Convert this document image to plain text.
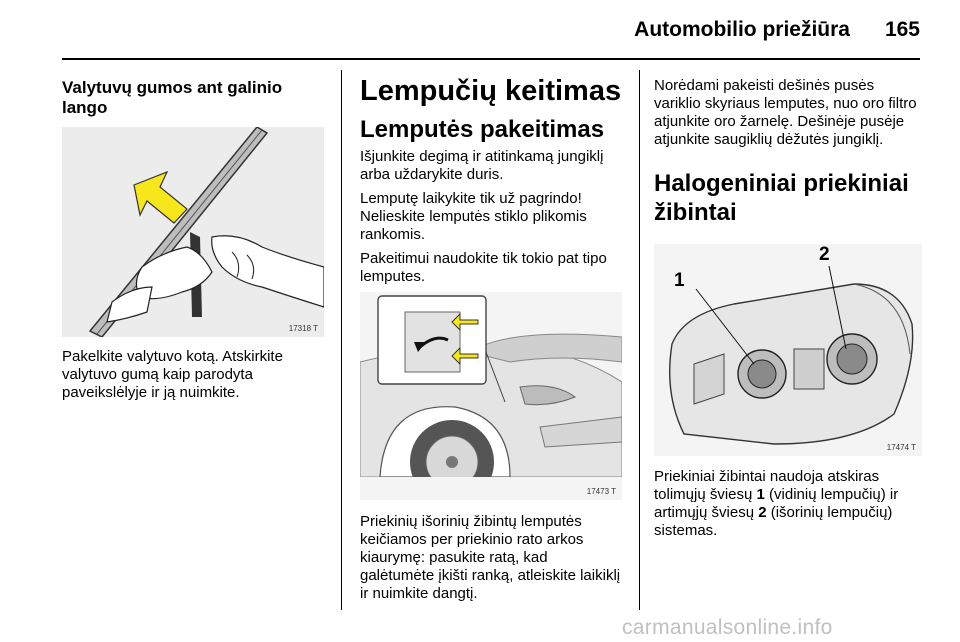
Automobilio priežiūra 165
Valytuvų gumos ant galinio lango
17318 T

Pakelkite valytuvo kotą. Atskirkite valytuvo gumą kaip parodyta paveikslėlyje ir ją nuimkite.

Lempučių keitimas
Lemputės pakeitimas

Išjunkite degimą ir atitinkamą jungiklį arba uždarykite duris.

Lemputę laikykite tik už pagrindo! Nelieskite lemputės stiklo plikomis rankomis.

Pakeitimui naudokite tik tokio pat tipo lemputes.

17473 T

Priekinių išorinių žibintų lemputės keičiamos per priekinio rato arkos kiaurymę: pasukite ratą, kad galėtumėte įkišti ranką, atleiskite laikiklį ir nuimkite dangtį.

Norėdami pakeisti dešinės pusės variklio skyriaus lemputes, nuo oro filtro atjunkite oro žarnelę. Dešinėje pusėje atjunkite saugiklių dėžutės jungiklį.

Halogeniniai priekiniai žibintai
1
2
17474 T

Priekiniai žibintai naudoja atskiras tolimųjų šviesų 1 (vidinių lempučių) ir artimųjų šviesų 2 (išorinių lempučių) sistemas.

carmanualsonline.info
